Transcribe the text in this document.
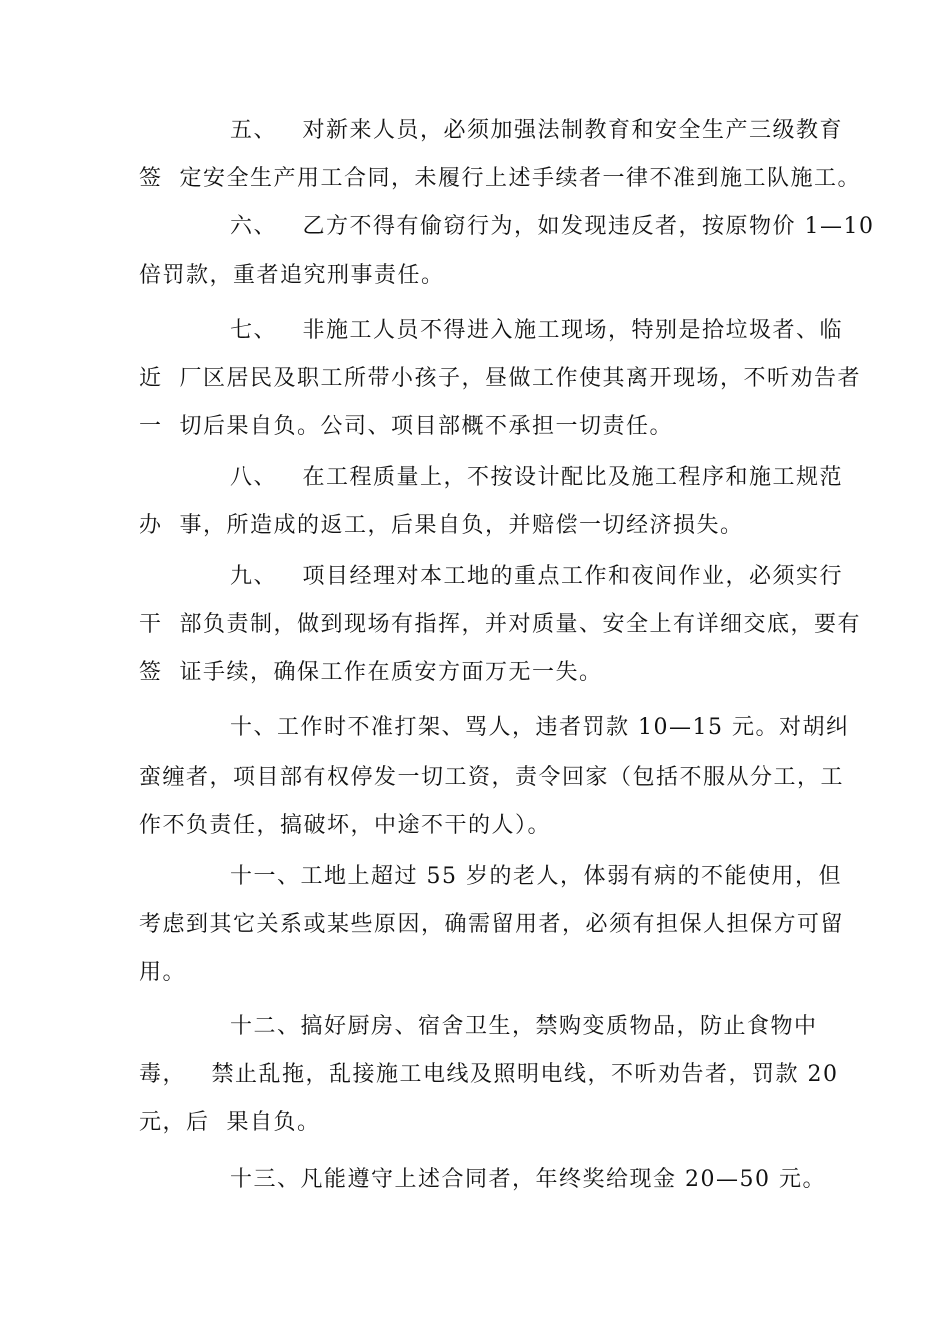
五、   对新来人员，必须加强法制教育和安全生产三级教育
签  定安全生产用工合同，未履行上述手续者一律不准到施工队施工。
六、   乙方不得有偷窃行为，如发现违反者，按原物价 1—10
倍罚款，重者追究刑事责任。
七、   非施工人员不得进入施工现场，特别是拾垃圾者、临
近  厂区居民及职工所带小孩子，昼做工作使其离开现场，不听劝告者
一  切后果自负。公司、项目部概不承担一切责任。
八、   在工程质量上，不按设计配比及施工程序和施工规范
办  事，所造成的返工，后果自负，并赔偿一切经济损失。
九、   项目经理对本工地的重点工作和夜间作业，必须实行
干  部负责制，做到现场有指挥，并对质量、安全上有详细交底，要有
签  证手续，确保工作在质安方面万无一失。
十、工作时不准打架、骂人，违者罚款 10—15 元。对胡纠
蛮缠者，项目部有权停发一切工资，责令回家（包括不服从分工，工
作不负责任，搞破坏，中途不干的人）。
十一、工地上超过 55 岁的老人，体弱有病的不能使用，但
考虑到其它关系或某些原因，确需留用者，必须有担保人担保方可留
用。
十二、搞好厨房、宿舍卫生，禁购变质物品，防止食物中
毒，   禁止乱拖，乱接施工电线及照明电线，不听劝告者，罚款 20
元，后  果自负。
十三、凡能遵守上述合同者，年终奖给现金 20—50 元。
